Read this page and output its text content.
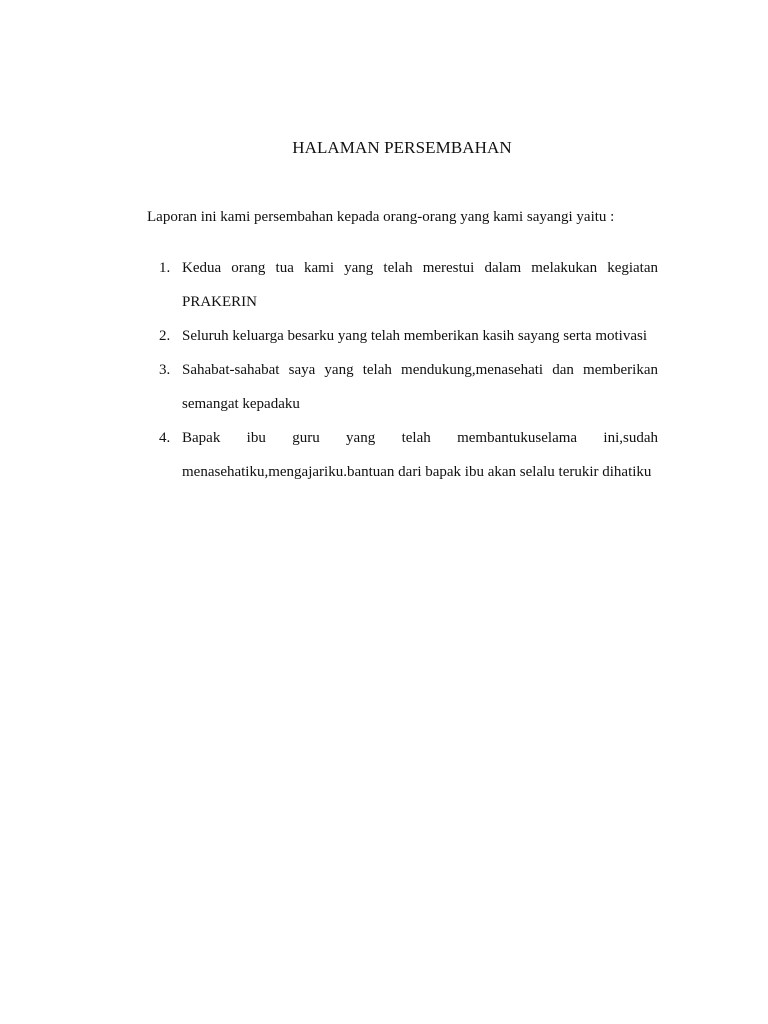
HALAMAN PERSEMBAHAN
Laporan ini kami persembahan kepada orang-orang yang kami sayangi yaitu :
1. Kedua orang tua kami yang telah merestui dalam melakukan kegiatan PRAKERIN
2. Seluruh keluarga besarku yang telah memberikan kasih sayang serta motivasi
3. Sahabat-sahabat saya yang telah mendukung,menasehati dan memberikan semangat kepadaku
4. Bapak ibu guru yang telah membantukuselama ini,sudah menasehatiku,mengajariku.bantuan dari bapak ibu akan selalu terukir dihatiku
